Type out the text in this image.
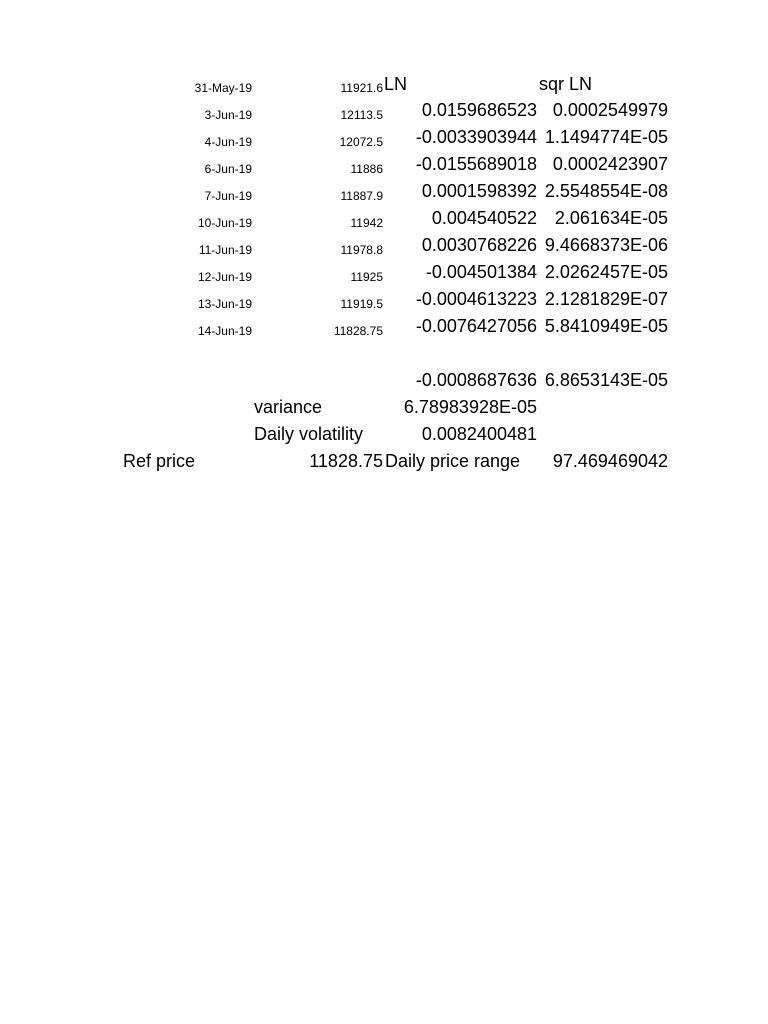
31-May-19	11921.6 LN	sqr LN
3-Jun-19	12113.5 0.0159686523 0.0002549979
4-Jun-19	12072.5 -0.0033903944 1.1494774E-05
6-Jun-19	11886 -0.0155689018 0.0002423907
7-Jun-19	11887.9 0.0001598392 2.5548554E-08
10-Jun-19	11942	0.004540522 2.061634E-05
11-Jun-19	11978.8 0.0030768226 9.4668373E-06
12-Jun-19	11925 -0.004501384 2.0262457E-05
13-Jun-19	11919.5 -0.0004613223 2.1281829E-07
14-Jun-19	11828.75 -0.0076427056 5.8410949E-05
-0.0008687636 6.8653143E-05
variance	6.78983928E-05
Daily volatility	0.0082400481
Ref price	11828.75 Daily price range 97.469469042
